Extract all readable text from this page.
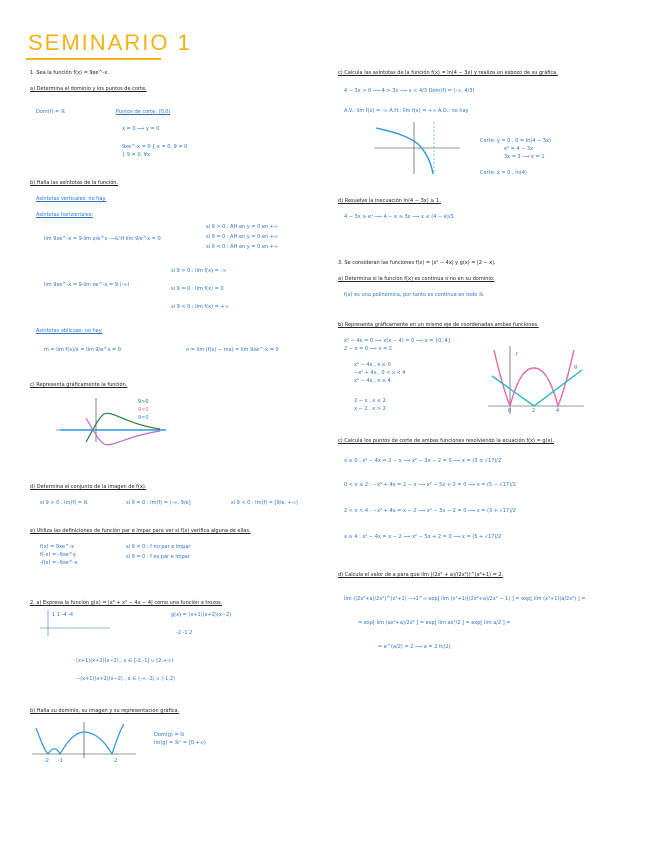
SEMINARIO 1
1. Sea la función f(x) = 9xe^-x.
a) Determina el dominio y los puntos de corte.
Dom(f) = ℝ	Puntos de corte: (0,0)
x = 0 ⟹ y = 0
9xe^-x = 0 { x = 0, 9 ≠ 0
{ 9 ≠ 0, ∀x
b) Halla las asíntotas de la función.
Asíntotas verticales: no hay.
Asíntotas horizontales:
lím 9xe^-x = 9·lím x/e^x ⟶L'H lím 9/e^x = 0
si 9 > 0 : AH en y = 0 en +∞
si 9 = 0 : AH en y = 0 en +∞
si 9 < 0 : AH en y = 0 en +∞
lím 9xe^-x = 9·lím xe^-x = 9·(-∞)
si 9 > 0 : lím f(x) = -∞
si 9 = 0 : lím f(x) = 0
si 9 < 0 : lím f(x) = +∞
Asíntotas oblicuas: no hay.
m = lím f(x)/x = lím 9/e^x = 0	n = lím (f(x) − mx) = lím 9xe^-x = 0
c) Representa gráficamente la función.
9>0
9<0
9=0
d) Determina el conjunto de la imagen de f(x).
si 9 > 0 : Im(f) = ℝ	si 9 = 0 : Im(f) = (-∞, 9/e]	si 9 < 0 : Im(f) = [9/e, +∞)
e) Utiliza las definiciones de función par e impar para ver si f(x) verifica alguna de ellas.
f(x) = 9xe^-x
f(-x) = -9xe^x
-f(x) = -9xe^-x
si 9 ≠ 0 : f no par e impar
si 9 = 0 : f es par e impar
2. a) Expresa la función g(x) = |x³ + x² − 4x − 4| como una función a trozos.
1 1 -4 -4	g(x) = (x+1)(x+2)(x−2)
-2 -1 2
(x+1)(x+2)(x−2) , x ∈ [-2,-1] ∪ [2,+∞)
−(x+1)(x+2)(x−2) , x ∈ (-∞,-2) ∪ (-1,2)
b) Halla su dominio, su imagen y su representación gráfica.
-2 -1	2
Dom(g) = ℝ
Im(g) = ℝ⁺ = [0,+∞)
c) Calcula las asíntotas de la función f(x) = ln(4 − 3x) y realiza un esbozo de su gráfica.
4 − 3x > 0 ⟹ 4 > 3x ⟹ x < 4/3 Dom(f) = (-∞, 4/3)
A.V.: lím f(x) = -∞ A.H.: lím f(x) = +∞ A.O.: no hay
Corte: y = 0 , 0 = ln(4 − 3x)
e⁰ = 4 − 3x
3x = 3 ⟹ x = 1
Corte: x = 0 , ln(4)
d) Resuelve la inecuación ln(4 − 3x) ≥ 1.
4 − 3x ≥ e¹ ⟹ 4 − e ≥ 3x ⟹ x ≤ (4 − e)/3
3. Se consideran las funciones f(x) = |x² − 4x| y g(x) = |2 − x|.
a) Determina si la función f(x) es continua o no en su dominio.
f(x) es una polinómica, por tanto es continua en todo ℝ.
b) Representa gráficamente en un mismo eje de coordenadas ambas funciones.
x² − 4x = 0 ⟹ x(x − 4) = 0 ⟹ x = {0, 4}
2 − x = 0 ⟹ x = 2
x² − 4x , x ≤ 0
−x² + 4x , 0 < x < 4
x² − 4x , x ≥ 4
2 − x , x ≤ 2
x − 2 , x > 2
f
g
0	2	4
c) Calcula los puntos de corte de ambas funciones resolviendo la ecuación f(x) = g(x).
x ≤ 0 : x² − 4x = 2 − x ⟹ x² − 3x − 2 = 0 ⟹ x = (3 ± √17)/2
0 < x ≤ 2 : −x² + 4x = 2 − x ⟹ x² − 5x + 2 = 0 ⟹ x = (5 − √17)/2
2 < x < 4 : −x² + 4x = x − 2 ⟹ x² − 3x − 2 = 0 ⟹ x = (3 + √17)/2
x ≥ 4 : x² − 4x = x − 2 ⟹ x² − 5x + 2 = 0 ⟹ x = (5 + √17)/2
d) Calcula el valor de a para que lím ((2x² + a)/(2x²))^(x⁴+1) = 2.
lím ((2x²+a)/2x²)^(x⁴+1) ⟶1^∞ exp[ lím (x⁴+1)((2x²+a)/2x² − 1) ] = exp[ lím (x⁴+1)(a/2x²) ] =
= exp[ lím (ax⁴+a)/2x² ] = exp[ lím ax²/2 ] = exp[ lím a/2 ] =
= e^(a/2) = 2 ⟹ a = 2 ln(2)
